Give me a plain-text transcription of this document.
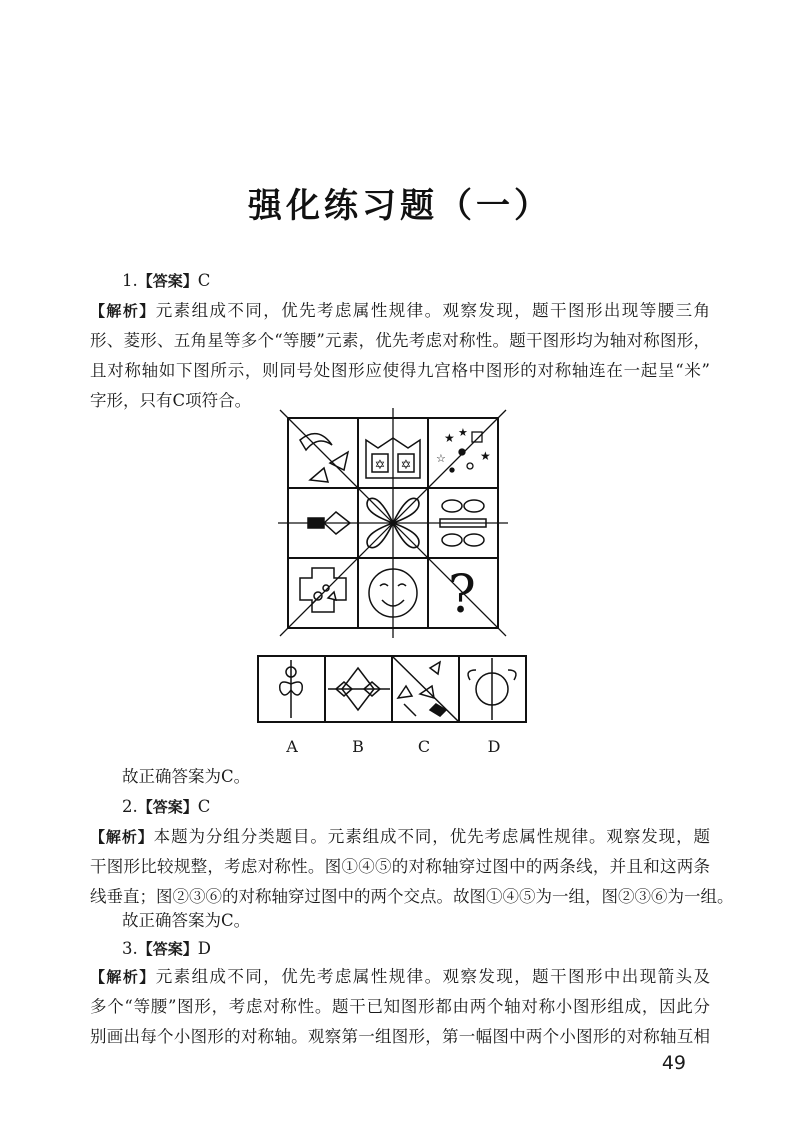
强化练习题（一）
1.【答案】C
【解析】元素组成不同，优先考虑属性规律。观察发现，题干图形出现等腰三角
形、菱形、五角星等多个“等腰”元素，优先考虑对称性。题干图形均为轴对称图形，
且对称轴如下图所示，则同号处图形应使得九宫格中图形的对称轴连在一起呈“米”
字形，只有C项符合。
✡ ✡
★ ★
★
☆
?
A	B	C	D
故正确答案为C。
2.【答案】C
【解析】本题为分组分类题目。元素组成不同，优先考虑属性规律。观察发现，题
干图形比较规整，考虑对称性。图①④⑤的对称轴穿过图中的两条线，并且和这两条
线垂直；图②③⑥的对称轴穿过图中的两个交点。故图①④⑤为一组，图②③⑥为一组。
故正确答案为C。
3.【答案】D
【解析】元素组成不同，优先考虑属性规律。观察发现，题干图形中出现箭头及
多个“等腰”图形，考虑对称性。题干已知图形都由两个轴对称小图形组成，因此分
别画出每个小图形的对称轴。观察第一组图形，第一幅图中两个小图形的对称轴互相
49
